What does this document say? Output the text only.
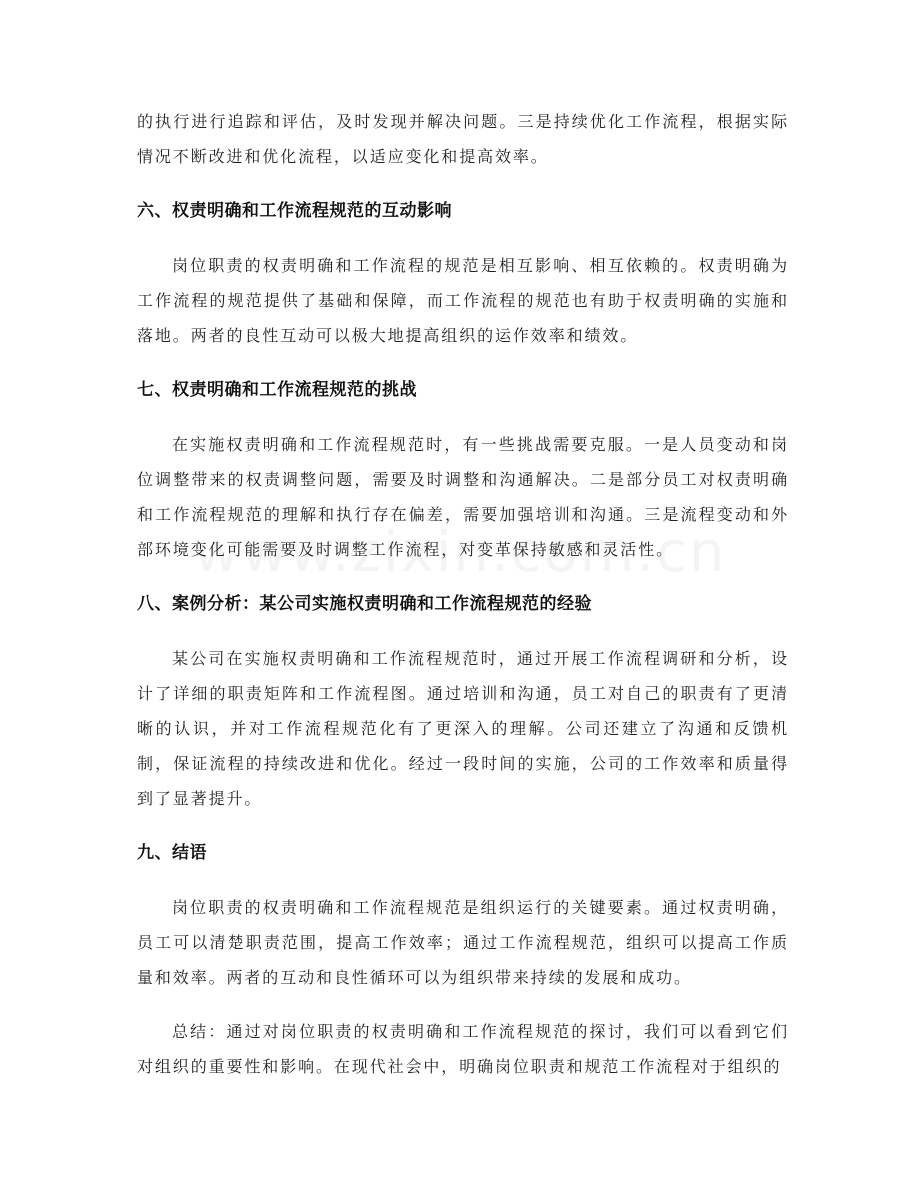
的执行进行追踪和评估，及时发现并解决问题。三是持续优化工作流程，根据实际情况不断改进和优化流程，以适应变化和提高效率。

六、权责明确和工作流程规范的互动影响

岗位职责的权责明确和工作流程的规范是相互影响、相互依赖的。权责明确为工作流程的规范提供了基础和保障，而工作流程的规范也有助于权责明确的实施和落地。两者的良性互动可以极大地提高组织的运作效率和绩效。

七、权责明确和工作流程规范的挑战

在实施权责明确和工作流程规范时，有一些挑战需要克服。一是人员变动和岗位调整带来的权责调整问题，需要及时调整和沟通解决。二是部分员工对权责明确和工作流程规范的理解和执行存在偏差，需要加强培训和沟通。三是流程变动和外部环境变化可能需要及时调整工作流程，对变革保持敏感和灵活性。

八、案例分析：某公司实施权责明确和工作流程规范的经验

某公司在实施权责明确和工作流程规范时，通过开展工作流程调研和分析，设计了详细的职责矩阵和工作流程图。通过培训和沟通，员工对自己的职责有了更清晰的认识，并对工作流程规范化有了更深入的理解。公司还建立了沟通和反馈机制，保证流程的持续改进和优化。经过一段时间的实施，公司的工作效率和质量得到了显著提升。

九、结语

岗位职责的权责明确和工作流程规范是组织运行的关键要素。通过权责明确，员工可以清楚职责范围，提高工作效率；通过工作流程规范，组织可以提高工作质量和效率。两者的互动和良性循环可以为组织带来持续的发展和成功。

总结：通过对岗位职责的权责明确和工作流程规范的探讨，我们可以看到它们对组织的重要性和影响。在现代社会中，明确岗位职责和规范工作流程对于组织的
